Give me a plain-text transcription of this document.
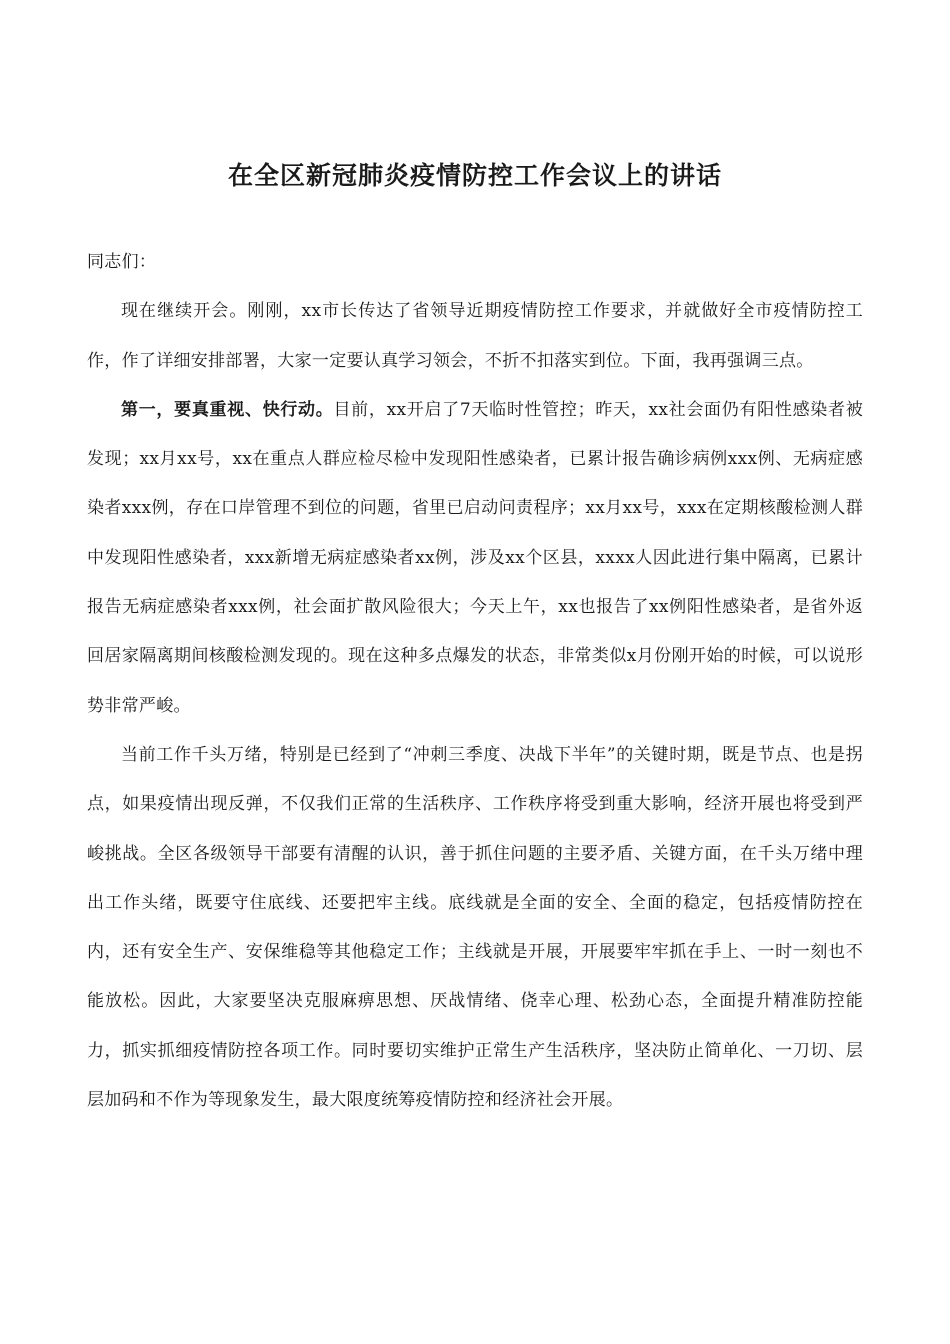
在全区新冠肺炎疫情防控工作会议上的讲话

同志们：

现在继续开会。刚刚，xx市长传达了省领导近期疫情防控工作要求，并就做好全市疫情防控工作，作了详细安排部署，大家一定要认真学习领会，不折不扣落实到位。下面，我再强调三点。

第一，要真重视、快行动。目前，xx开启了7天临时性管控；昨天，xx社会面仍有阳性感染者被发现；xx月xx号，xx在重点人群应检尽检中发现阳性感染者，已累计报告确诊病例xxx例、无病症感染者xxx例，存在口岸管理不到位的问题，省里已启动问责程序；xx月xx号，xxx在定期核酸检测人群中发现阳性感染者，xxx新增无病症感染者xx例，涉及xx个区县，xxxx人因此进行集中隔离，已累计报告无病症感染者xxx例，社会面扩散风险很大；今天上午，xx也报告了xx例阳性感染者，是省外返回居家隔离期间核酸检测发现的。现在这种多点爆发的状态，非常类似x月份刚开始的时候，可以说形势非常严峻。

当前工作千头万绪，特别是已经到了“冲刺三季度、决战下半年”的关键时期，既是节点、也是拐点，如果疫情出现反弹，不仅我们正常的生活秩序、工作秩序将受到重大影响，经济开展也将受到严峻挑战。全区各级领导干部要有清醒的认识，善于抓住问题的主要矛盾、关键方面，在千头万绪中理出工作头绪，既要守住底线、还要把牢主线。底线就是全面的安全、全面的稳定，包括疫情防控在内，还有安全生产、安保维稳等其他稳定工作；主线就是开展，开展要牢牢抓在手上、一时一刻也不能放松。因此，大家要坚决克服麻痹思想、厌战情绪、侥幸心理、松劲心态，全面提升精准防控能力，抓实抓细疫情防控各项工作。同时要切实维护正常生产生活秩序，坚决防止简单化、一刀切、层层加码和不作为等现象发生，最大限度统筹疫情防控和经济社会开展。
